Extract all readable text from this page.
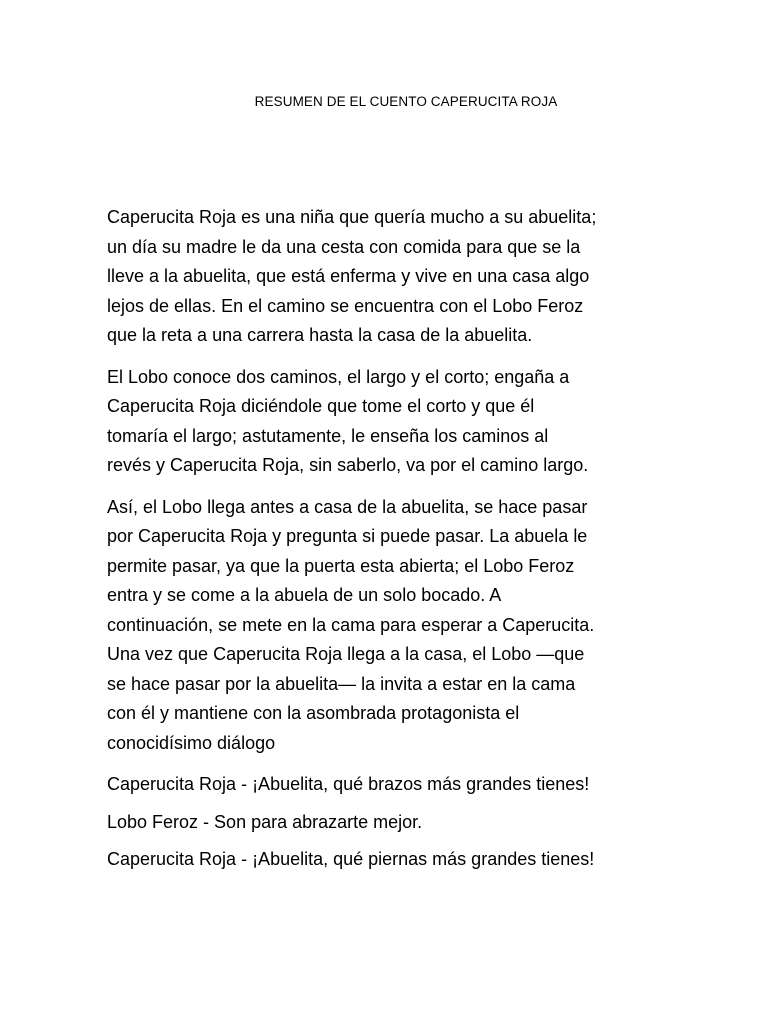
RESUMEN DE EL CUENTO CAPERUCITA ROJA

Caperucita Roja es una niña que quería mucho a su abuelita;
un día su madre le da una cesta con comida para que se la
lleve a la abuelita, que está enferma y vive en una casa algo
lejos de ellas. En el camino se encuentra con el Lobo Feroz
que la reta a una carrera hasta la casa de la abuelita.

El Lobo conoce dos caminos, el largo y el corto; engaña a
Caperucita Roja diciéndole que tome el corto y que él
tomaría el largo; astutamente, le enseña los caminos al
revés y Caperucita Roja, sin saberlo, va por el camino largo.

Así, el Lobo llega antes a casa de la abuelita, se hace pasar
por Caperucita Roja y pregunta si puede pasar. La abuela le
permite pasar, ya que la puerta esta abierta; el Lobo Feroz
entra y se come a la abuela de un solo bocado. A
continuación, se mete en la cama para esperar a Caperucita.
Una vez que Caperucita Roja llega a la casa, el Lobo —que
se hace pasar por la abuelita— la invita a estar en la cama
con él y mantiene con la asombrada protagonista el
conocidísimo diálogo

Caperucita Roja - ¡Abuelita, qué brazos más grandes tienes!

Lobo Feroz - Son para abrazarte mejor.

Caperucita Roja - ¡Abuelita, qué piernas más grandes tienes!
